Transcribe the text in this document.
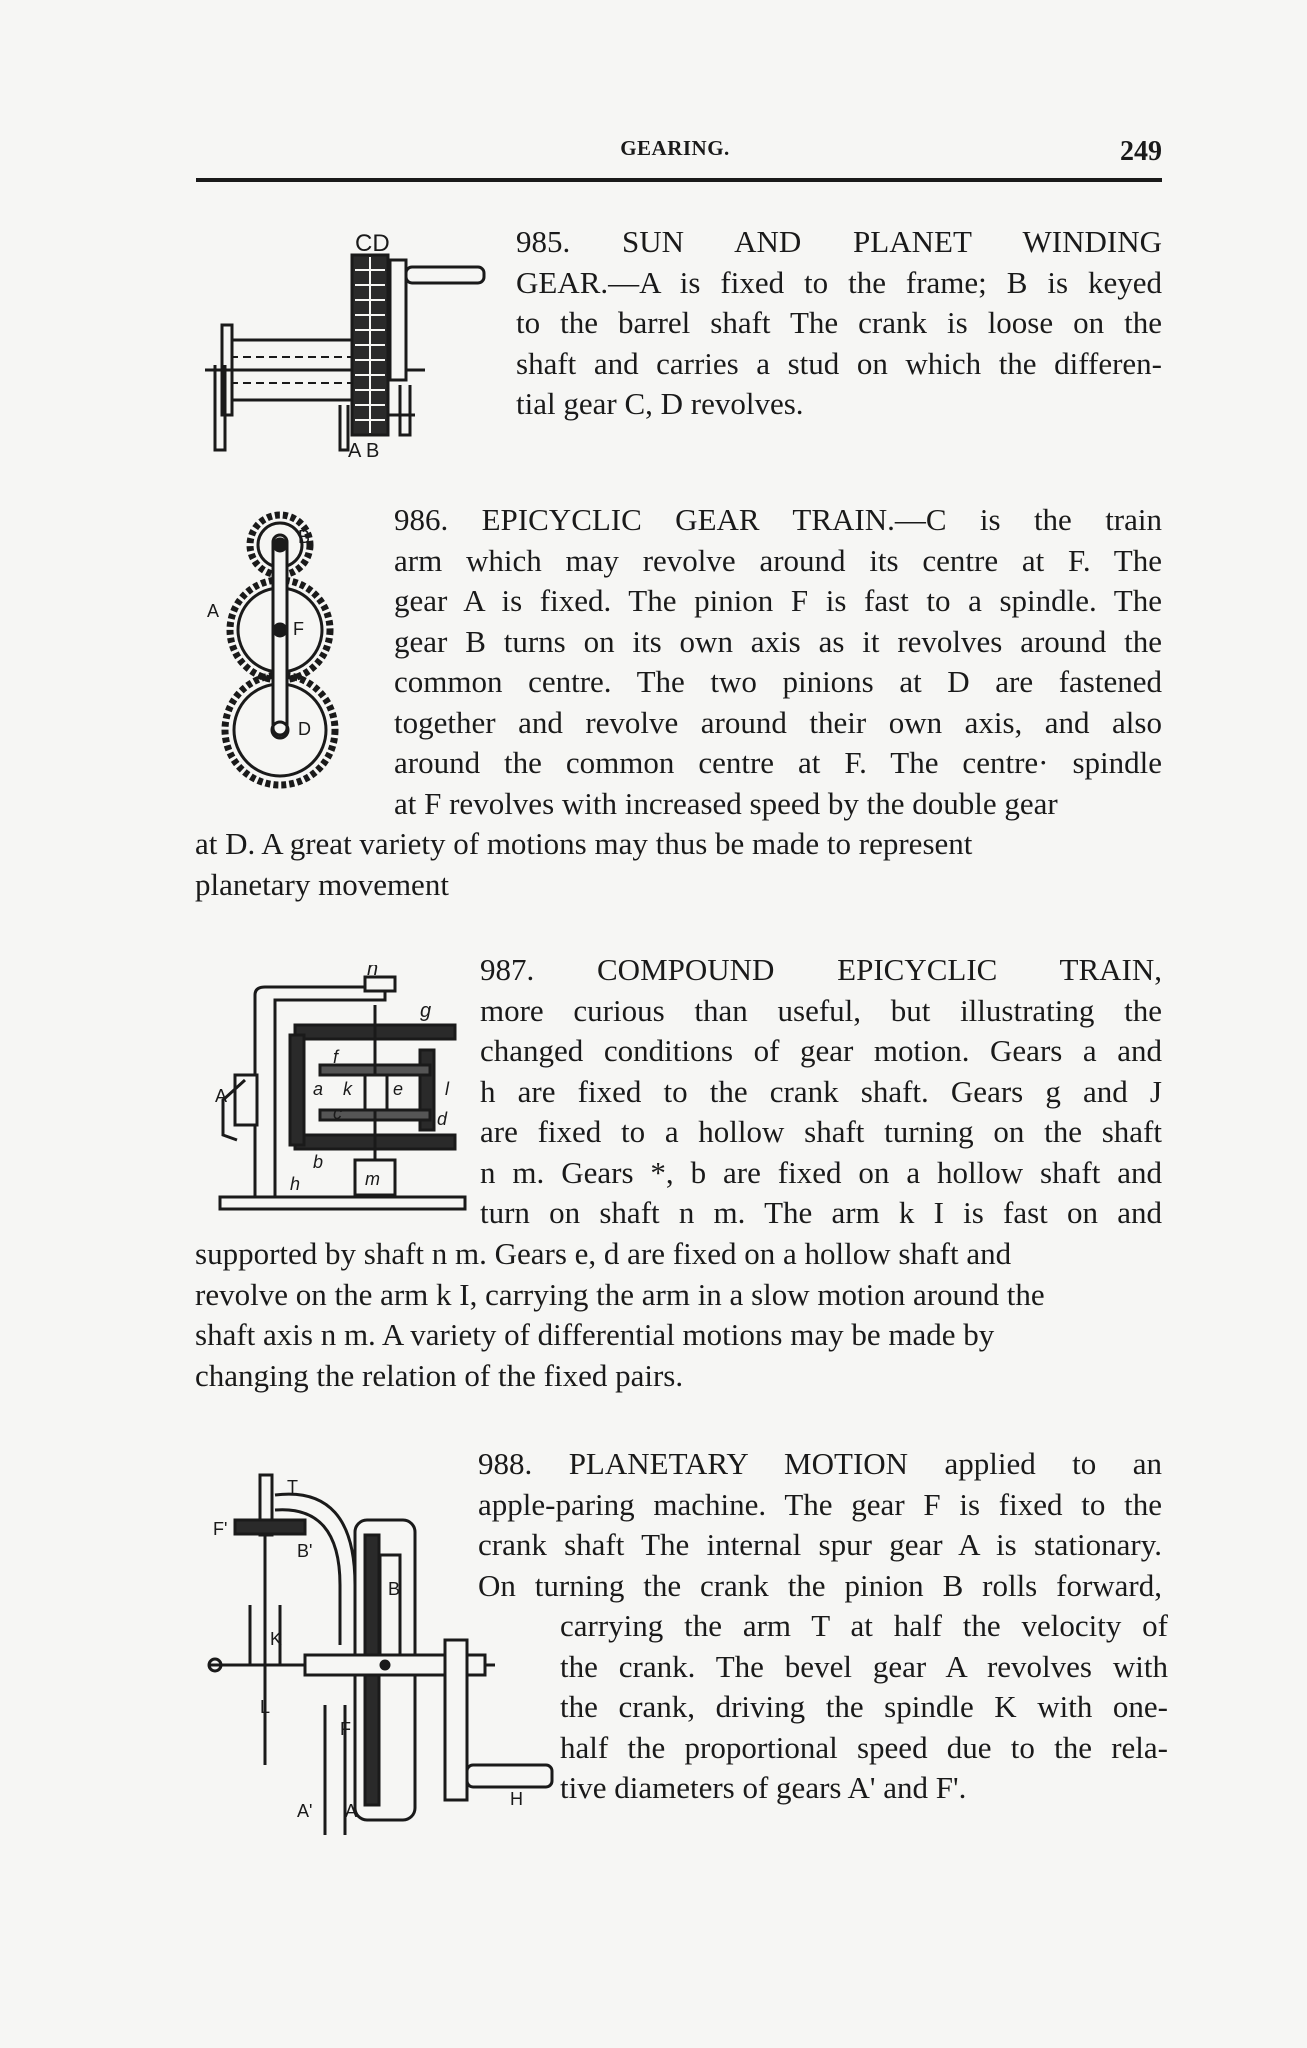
GEARING.	249
CD
A B

985. SUN AND PLANET WINDING
GEAR.—A is fixed to the frame; B is keyed
to the barrel shaft The crank is loose on the
shaft and carries a stud on which the differen-
tial gear C, D revolves.

B
A
F
D

986. EPICYCLIC GEAR TRAIN.—C is the train
arm which may revolve around its centre at F. The
gear A is fixed. The pinion F is fast to a spindle. The
gear B turns on its own axis as it revolves around the
common centre. The two pinions at D are fastened
together and revolve around their own axis, and also
around the common centre at F. The centre· spindle
at F revolves with increased speed by the double gear

at D. A great variety of motions may thus be made to represent
planetary movement

n
g
A
f
k e l
a
c	d
b
h	m

987. COMPOUND EPICYCLIC TRAIN,
more curious than useful, but illustrating the
changed conditions of gear motion. Gears a and
h are fixed to the crank shaft. Gears g and J
are fixed to a hollow shaft turning on the shaft
n m. Gears *, b are fixed on a hollow shaft and
turn on shaft n m. The arm k I is fast on and

supported by shaft n m. Gears e, d are fixed on a hollow shaft and
revolve on the arm k I, carrying the arm in a slow motion around the
shaft axis n m. A variety of differential motions may be made by
changing the relation of the fixed pairs.

T
F'
B'
K
B
L
F
A' A
H

988. PLANETARY MOTION applied to an
apple-paring machine. The gear F is fixed to the
crank shaft The internal spur gear A is stationary.
On turning the crank the pinion B rolls forward,

carrying the arm T at half the velocity of
the crank. The bevel gear A revolves with
the crank, driving the spindle K with one-
half the proportional speed due to the rela-
tive diameters of gears A' and F'.
